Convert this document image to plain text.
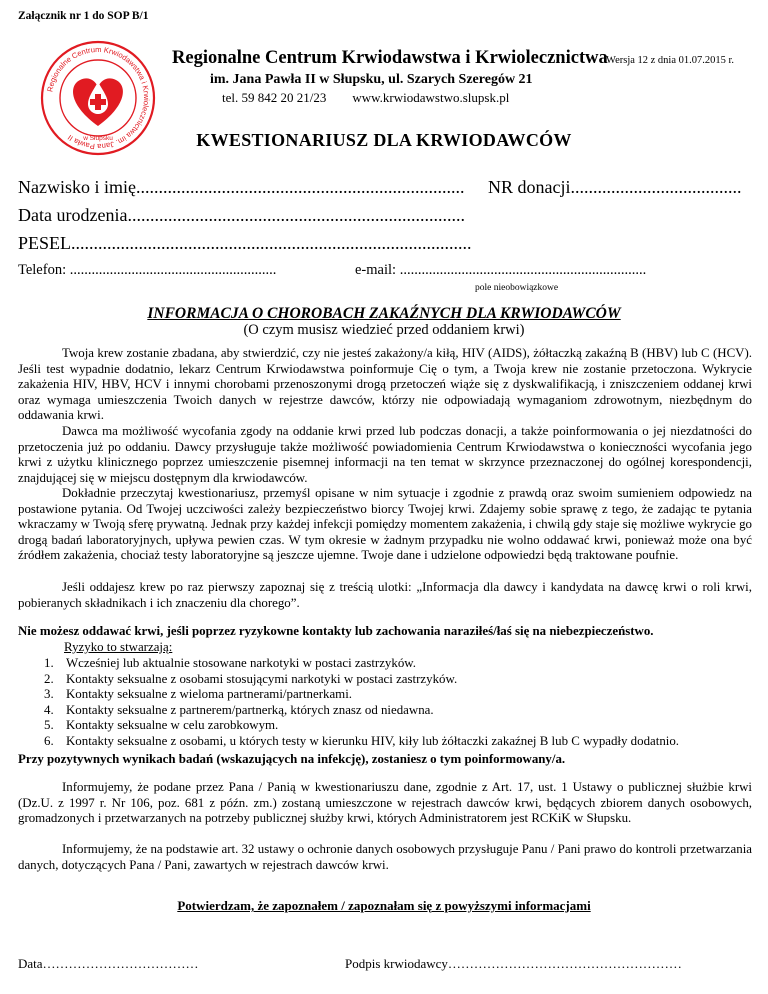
Załącznik nr 1 do SOP B/1
Regionalne Centrum Krwiodawstwa i Krwiolecznictwa im. Jana Pawła II	w Słupsku
Regionalne Centrum Krwiodawstwa i Krwiolecznictwa
Wersja 12 z dnia 01.07.2015 r.
im. Jana Pawła II w Słupsku, ul. Szarych Szeregów 21
tel. 59 842 20 21/23 www.krwiodawstwo.slupsk.pl
KWESTIONARIUSZ DLA KRWIODAWCÓW
Nazwisko i imię......................................................................... NR donacji......................................
Data urodzenia...........................................................................
PESEL.........................................................................................
Telefon: .........................................................	e-mail: ....................................................................
pole nieobowiązkowe
INFORMACJA O CHOROBACH ZAKAŹNYCH DLA KRWIODAWCÓW
(O czym musisz wiedzieć przed oddaniem krwi)

Twoja krew zostanie zbadana, aby stwierdzić, czy nie jesteś zakażony/a kiłą, HIV (AIDS), żółtaczką zakaźną B (HBV) lub C (HCV). Jeśli test wypadnie dodatnio, lekarz Centrum Krwiodawstwa poinformuje Cię o tym, a Twoja krew nie zostanie przetoczona. Wykrycie zakażenia HIV, HBV, HCV i innymi chorobami przenoszonymi drogą przetoczeń wiąże się z dyskwalifikacją, i zniszczeniem oddanej krwi oraz wymaga umieszczenia Twoich danych w rejestrze dawców, którzy nie odpowiadają wymaganiom zdrowotnym, niezbędnym do oddawania krwi.

Dawca ma możliwość wycofania zgody na oddanie krwi przed lub podczas donacji, a także poinformowania o jej niezdatności do przetoczenia już po oddaniu. Dawcy przysługuje także możliwość powiadomienia Centrum Krwiodawstwa o konieczności wycofania jego krwi z użytku klinicznego poprzez umieszczenie pisemnej informacji na ten temat w skrzynce przeznaczonej do ogólnej korespondencji, znajdującej się w miejscu dostępnym dla krwiodawców.

Dokładnie przeczytaj kwestionariusz, przemyśl opisane w nim sytuacje i zgodnie z prawdą oraz swoim sumieniem odpowiedz na postawione pytania. Od Twojej uczciwości zależy bezpieczeństwo biorcy Twojej krwi. Zdajemy sobie sprawę z tego, że zadając te pytania wkraczamy w Twoją sferę prywatną. Jednak przy każdej infekcji pomiędzy momentem zakażenia, i chwilą gdy staje się możliwe wykrycie go drogą badań laboratoryjnych, upływa pewien czas. W tym okresie w żadnym przypadku nie wolno oddawać krwi, ponieważ może ona być źródłem zakażenia, chociaż testy laboratoryjne są jeszcze ujemne. Twoje dane i udzielone odpowiedzi będą traktowane poufnie.

Jeśli oddajesz krew po raz pierwszy zapoznaj się z treścią ulotki: „Informacja dla dawcy i kandydata na dawcę krwi o roli krwi, pobieranych składnikach i ich znaczeniu dla chorego”.

Nie możesz oddawać krwi, jeśli poprzez ryzykowne kontakty lub zachowania naraziłeś/łaś się na niebezpieczeństwo.
Ryzyko to stwarzają:
1. Wcześniej lub aktualnie stosowane narkotyki w postaci zastrzyków.
2. Kontakty seksualne z osobami stosującymi narkotyki w postaci zastrzyków.
3. Kontakty seksualne z wieloma partnerami/partnerkami.
4. Kontakty seksualne z partnerem/partnerką, których znasz od niedawna.
5. Kontakty seksualne w celu zarobkowym.
6. Kontakty seksualne z osobami, u których testy w kierunku HIV, kiły lub żółtaczki zakaźnej B lub C wypadły dodatnio.
Przy pozytywnych wynikach badań (wskazujących na infekcję), zostaniesz o tym poinformowany/a.

Informujemy, że podane przez Pana / Panią w kwestionariuszu dane, zgodnie z Art. 17, ust. 1 Ustawy o publicznej służbie krwi (Dz.U. z 1997 r. Nr 106, poz. 681 z późn. zm.) zostaną umieszczone w rejestrach dawców krwi, będących zbiorem danych osobowych, gromadzonych i przetwarzanych na potrzeby publicznej służby krwi, których Administratorem jest RCKiK w Słupsku.

Informujemy, że na podstawie art. 32 ustawy o ochronie danych osobowych przysługuje Panu / Pani prawo do kontroli przetwarzania danych, dotyczących Pana / Pani, zawartych w rejestrach dawców krwi.

Potwierdzam, że zapoznałem / zapoznałam się z powyższymi informacjami
Data………………………………	Podpis krwiodawcy………………………………………………
